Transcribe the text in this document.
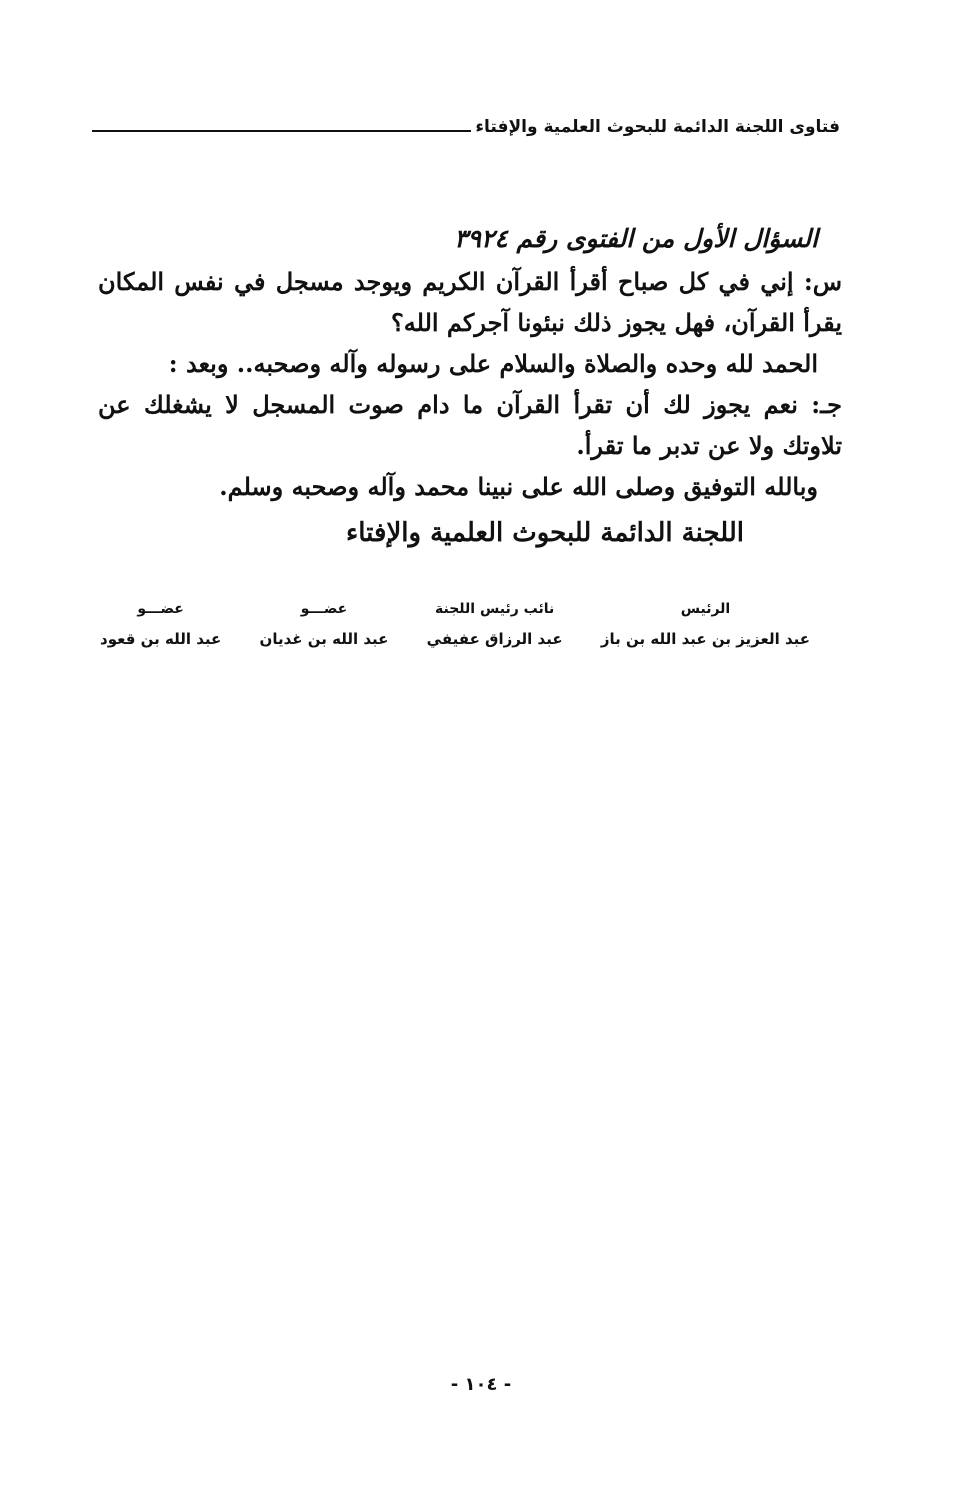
فتاوى اللجنة الدائمة للبحوث العلمية والإفتاء
السؤال الأول من الفتوى رقم ٣٩٢٤

س: إني في كل صباح أقرأ القرآن الكريم ويوجد مسجل في نفس المكان يقرأ القرآن، فهل يجوز ذلك نبئونا آجركم الله؟

الحمد لله وحده والصلاة والسلام على رسوله وآله وصحبه.. وبعد :

جـ: نعم يجوز لك أن تقرأ القرآن ما دام صوت المسجل لا يشغلك عن تلاوتك ولا عن تدبر ما تقرأ.

وبالله التوفيق وصلى الله على نبينا محمد وآله وصحبه وسلم.

اللجنة الدائمة للبحوث العلمية والإفتاء
الرئيس
عبد العزيز بن عبد الله بن باز
نائب رئيس اللجنة
عبد الرزاق عفيفي
عضـــو
عبد الله بن غديان
عضـــو
عبد الله بن قعود
- ١٠٤ -
